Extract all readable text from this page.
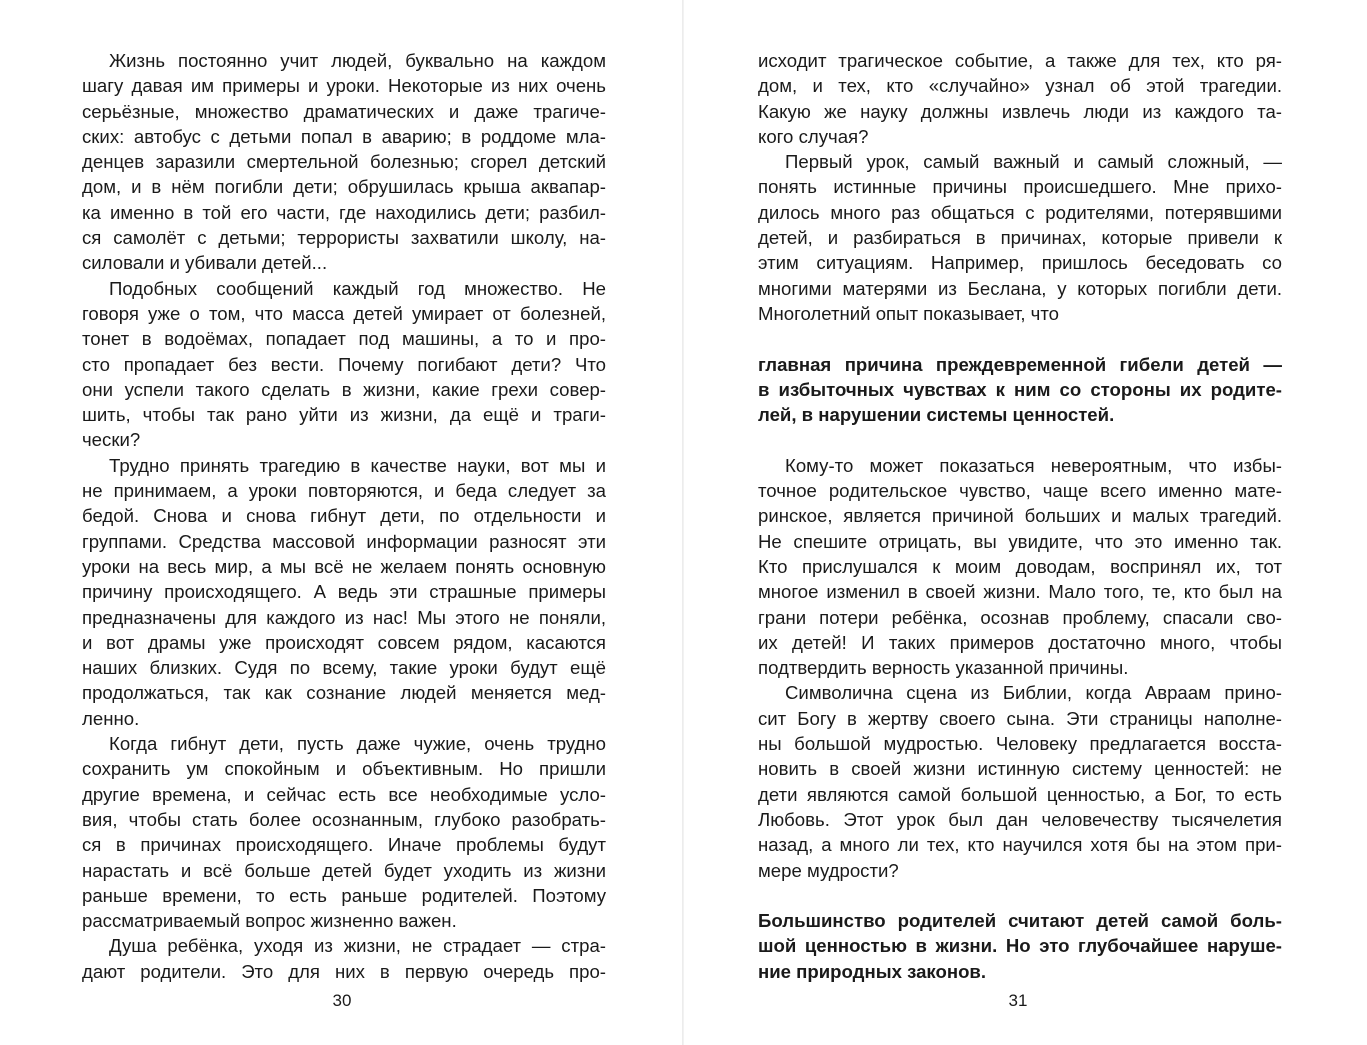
Жизнь постоянно учит людей, буквально на каждом
шагу давая им примеры и уроки. Некоторые из них очень
серьёзные, множество драматических и даже трагиче-
ских: автобус с детьми попал в аварию; в роддоме мла-
денцев заразили смертельной болезнью; сгорел детский
дом, и в нём погибли дети; обрушилась крыша аквапар-
ка именно в той его части, где находились дети; разбил-
ся самолёт с детьми; террористы захватили школу, на-
силовали и убивали детей...
Подобных сообщений каждый год множество. Не
говоря уже о том, что масса детей умирает от болезней,
тонет в водоёмах, попадает под машины, а то и про-
сто пропадает без вести. Почему погибают дети? Что
они успели такого сделать в жизни, какие грехи совер-
шить, чтобы так рано уйти из жизни, да ещё и траги-
чески?
Трудно принять трагедию в качестве науки, вот мы и
не принимаем, а уроки повторяются, и беда следует за
бедой. Снова и снова гибнут дети, по отдельности и
группами. Средства массовой информации разносят эти
уроки на весь мир, а мы всё не желаем понять основную
причину происходящего. А ведь эти страшные примеры
предназначены для каждого из нас! Мы этого не поняли,
и вот драмы уже происходят совсем рядом, касаются
наших близких. Судя по всему, такие уроки будут ещё
продолжаться, так как сознание людей меняется мед-
ленно.
Когда гибнут дети, пусть даже чужие, очень трудно
сохранить ум спокойным и объективным. Но пришли
другие времена, и сейчас есть все необходимые усло-
вия, чтобы стать более осознанным, глубоко разобрать-
ся в причинах происходящего. Иначе проблемы будут
нарастать и всё больше детей будет уходить из жизни
раньше времени, то есть раньше родителей. Поэтому
рассматриваемый вопрос жизненно важен.
Душа ребёнка, уходя из жизни, не страдает — стра-
дают родители. Это для них в первую очередь про-
30
исходит трагическое событие, а также для тех, кто ря-
дом, и тех, кто «случайно» узнал об этой трагедии.
Какую же науку должны извлечь люди из каждого та-
кого случая?
Первый урок, самый важный и самый сложный, —
понять истинные причины происшедшего. Мне прихо-
дилось много раз общаться с родителями, потерявшими
детей, и разбираться в причинах, которые привели к
этим ситуациям. Например, пришлось беседовать со
многими матерями из Беслана, у которых погибли дети.
Многолетний опыт показывает, что
главная причина преждевременной гибели детей —
в избыточных чувствах к ним со стороны их родите-
лей, в нарушении системы ценностей.
Кому-то может показаться невероятным, что избы-
точное родительское чувство, чаще всего именно мате-
ринское, является причиной больших и малых трагедий.
Не спешите отрицать, вы увидите, что это именно так.
Кто прислушался к моим доводам, воспринял их, тот
многое изменил в своей жизни. Мало того, те, кто был на
грани потери ребёнка, осознав проблему, спасали сво-
их детей! И таких примеров достаточно много, чтобы
подтвердить верность указанной причины.
Символична сцена из Библии, когда Авраам прино-
сит Богу в жертву своего сына. Эти страницы наполне-
ны большой мудростью. Человеку предлагается восста-
новить в своей жизни истинную систему ценностей: не
дети являются самой большой ценностью, а Бог, то есть
Любовь. Этот урок был дан человечеству тысячелетия
назад, а много ли тех, кто научился хотя бы на этом при-
мере мудрости?
Большинство родителей считают детей самой боль-
шой ценностью в жизни. Но это глубочайшее наруше-
ние природных законов.
31
